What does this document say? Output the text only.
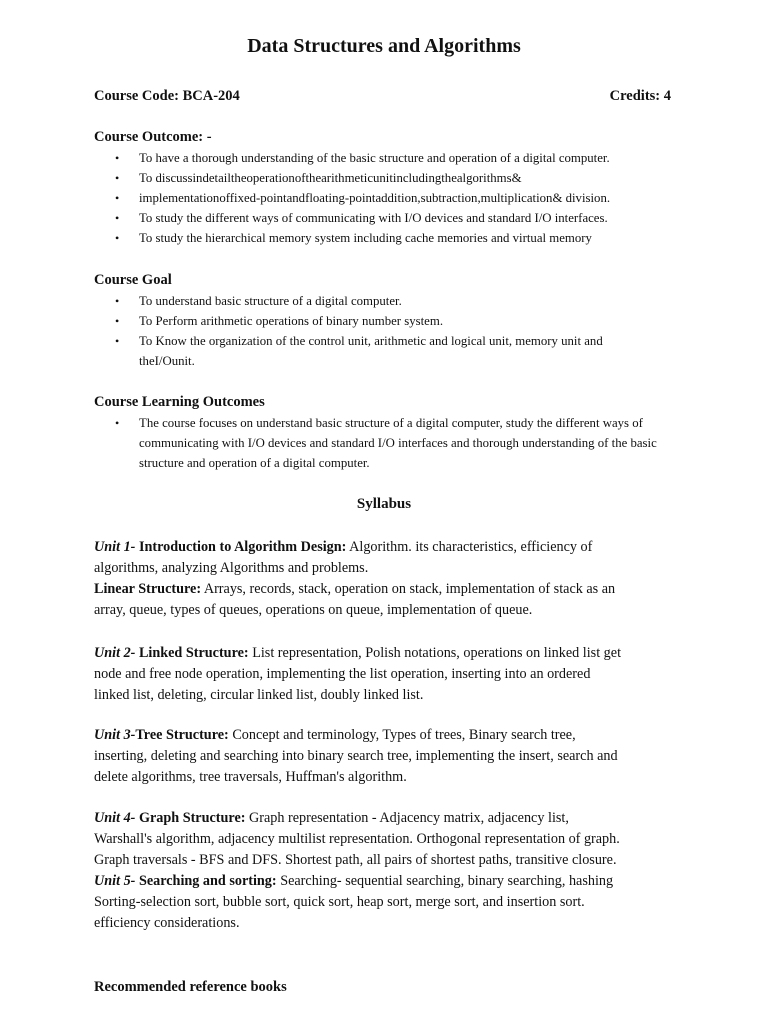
Data Structures and Algorithms
Course Code: BCA-204	Credits: 4
Course Outcome: -
• To have a thorough understanding of the basic structure and operation of a digital computer.
• To discussindetailtheoperationofthearithmeticunitincludingthealgorithms&
• implementationoffixed-pointandfloating-pointaddition,subtraction,multiplication& division.
• To study the different ways of communicating with I/O devices and standard I/O interfaces.
• To study the hierarchical memory system including cache memories and virtual memory
Course Goal
• To understand basic structure of a digital computer.
• To Perform arithmetic operations of binary number system.
• To Know the organization of the control unit, arithmetic and logical unit, memory unit and theI/Ounit.
Course Learning Outcomes
• The course focuses on understand basic structure of a digital computer, study the different ways of communicating with I/O devices and standard I/O interfaces and thorough understanding of the basic structure and operation of a digital computer.
Syllabus
Unit 1- Introduction to Algorithm Design: Algorithm. its characteristics, efficiency of
algorithms, analyzing Algorithms and problems.
Linear Structure: Arrays, records, stack, operation on stack, implementation of stack as an
array, queue, types of queues, operations on queue, implementation of queue.
Unit 2- Linked Structure: List representation, Polish notations, operations on linked list get
node and free node operation, implementing the list operation, inserting into an ordered
linked list, deleting, circular linked list, doubly linked list.
Unit 3-Tree Structure: Concept and terminology, Types of trees, Binary search tree,
inserting, deleting and searching into binary search tree, implementing the insert, search and
delete algorithms, tree traversals, Huffman's algorithm.
Unit 4- Graph Structure: Graph representation - Adjacency matrix, adjacency list,
Warshall's algorithm, adjacency multilist representation. Orthogonal representation of graph.
Graph traversals - BFS and DFS. Shortest path, all pairs of shortest paths, transitive closure.
Unit 5- Searching and sorting: Searching- sequential searching, binary searching, hashing
Sorting-selection sort, bubble sort, quick sort, heap sort, merge sort, and insertion sort.
efficiency considerations.
Recommended reference books
